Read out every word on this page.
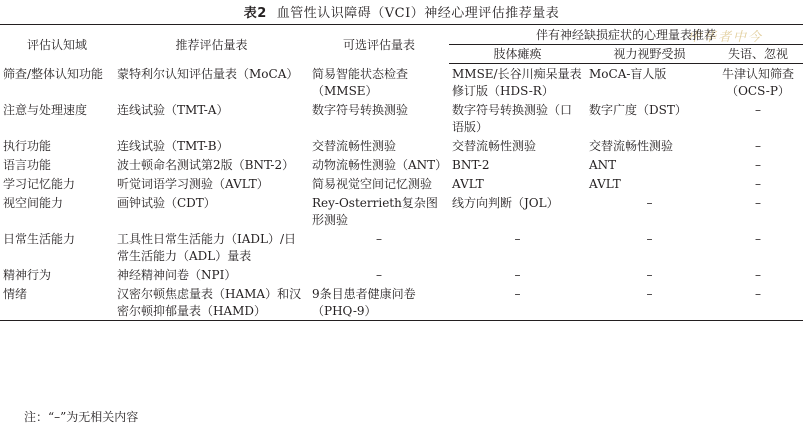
表2 血管性认识障碍（VCI）神经心理评估推荐量表
中华者中今
评估认知域	推荐评估量表	可选评估量表	伴有神经缺损症状的心理量表推荐		
			肢体瘫痪	视力视野受损	失语、忽视
筛查/整体认知功能	蒙特利尔认知评估量表（MoCA）	简易智能状态检查（MMSE）	MMSE/长谷川痴呆量表修订版（HDS-R）	MoCA-盲人版	牛津认知筛查（OCS-P）
注意与处理速度	连线试验（TMT-A）	数字符号转换测验	数字符号转换测验（口语版）	数字广度（DST）	–
执行功能	连线试验（TMT-B）	交替流畅性测验	交替流畅性测验	交替流畅性测验	–
语言功能	波士顿命名测试第2版（BNT-2）	动物流畅性测验（ANT）	BNT-2	ANT	–
学习记忆能力	听觉词语学习测验（AVLT）	简易视觉空间记忆测验	AVLT	AVLT	–
视空间能力	画钟试验（CDT）	Rey-Osterrieth复杂图形测验	线方向判断（JOL）	–	–
日常生活能力	工具性日常生活能力（IADL）/日常生活能力（ADL）量表	–	–	–	–
精神行为	神经精神问卷（NPI）	–	–	–	–
情绪	汉密尔顿焦虑量表（HAMA）和汉密尔顿抑郁量表（HAMD）	9条目患者健康问卷（PHQ-9）	–	–	–
注：“–”为无相关内容
